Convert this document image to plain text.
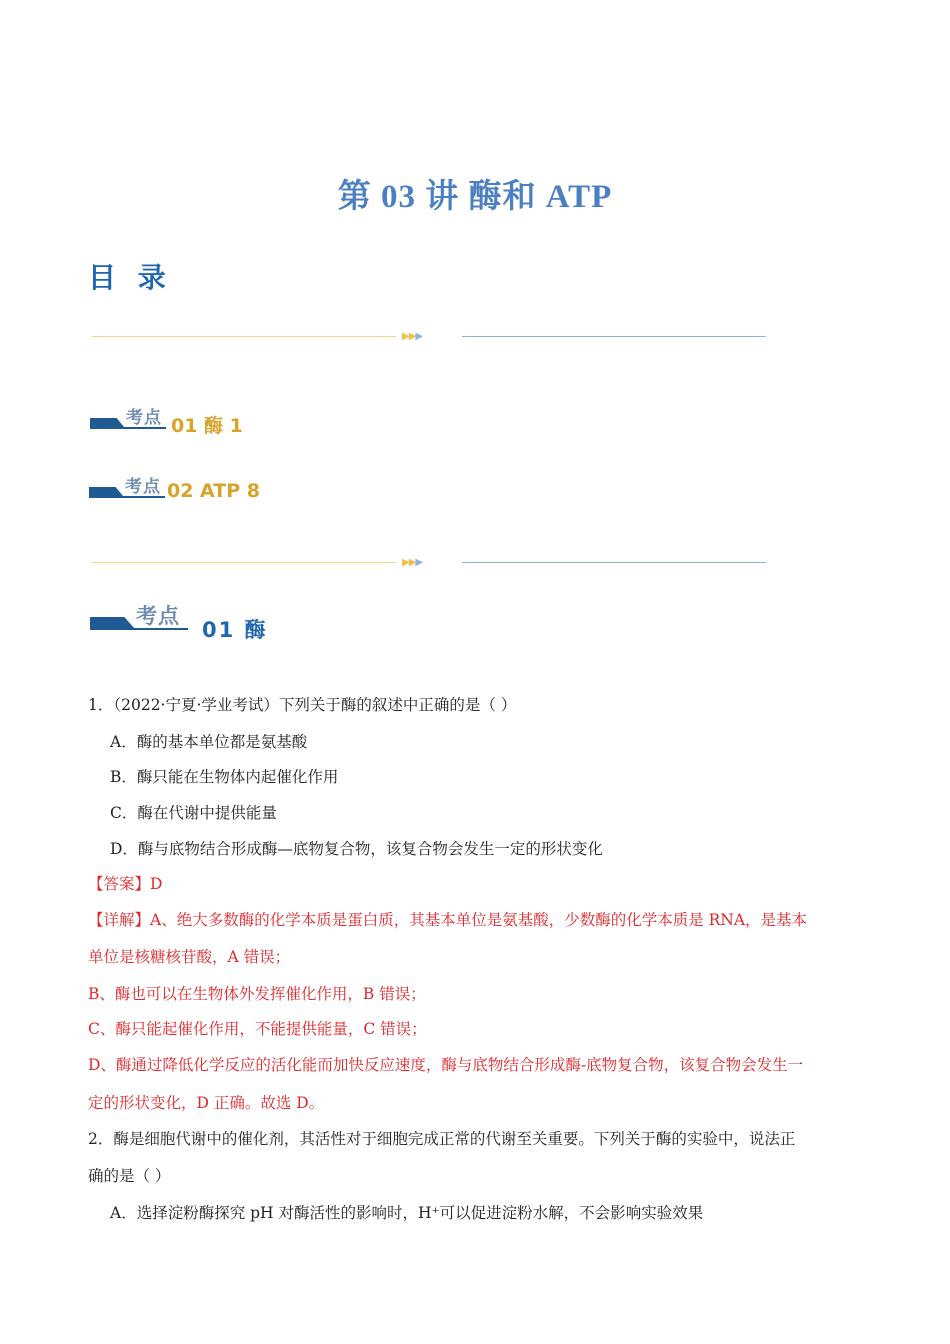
第 03 讲 酶和 ATP
目 录
▶▶▶
考点 01 酶 1
考点 02 ATP 8
▶▶▶
考点
01 酶
1．（2022·宁夏·学业考试）下列关于酶的叙述中正确的是（ ）
A．酶的基本单位都是氨基酸
B．酶只能在生物体内起催化作用
C．酶在代谢中提供能量
D．酶与底物结合形成酶—底物复合物，该复合物会发生一定的形状变化
【答案】D
【详解】A、绝大多数酶的化学本质是蛋白质，其基本单位是氨基酸，少数酶的化学本质是 RNA，是基本
单位是核糖核苷酸，A 错误；
B、酶也可以在生物体外发挥催化作用，B 错误；
C、酶只能起催化作用，不能提供能量，C 错误；
D、酶通过降低化学反应的活化能而加快反应速度，酶与底物结合形成酶-底物复合物，该复合物会发生一
定的形状变化，D 正确。故选 D。
2．酶是细胞代谢中的催化剂，其活性对于细胞完成正常的代谢至关重要。下列关于酶的实验中，说法正
确的是（ ）
A．选择淀粉酶探究 pH 对酶活性的影响时，H⁺可以促进淀粉水解，不会影响实验效果
